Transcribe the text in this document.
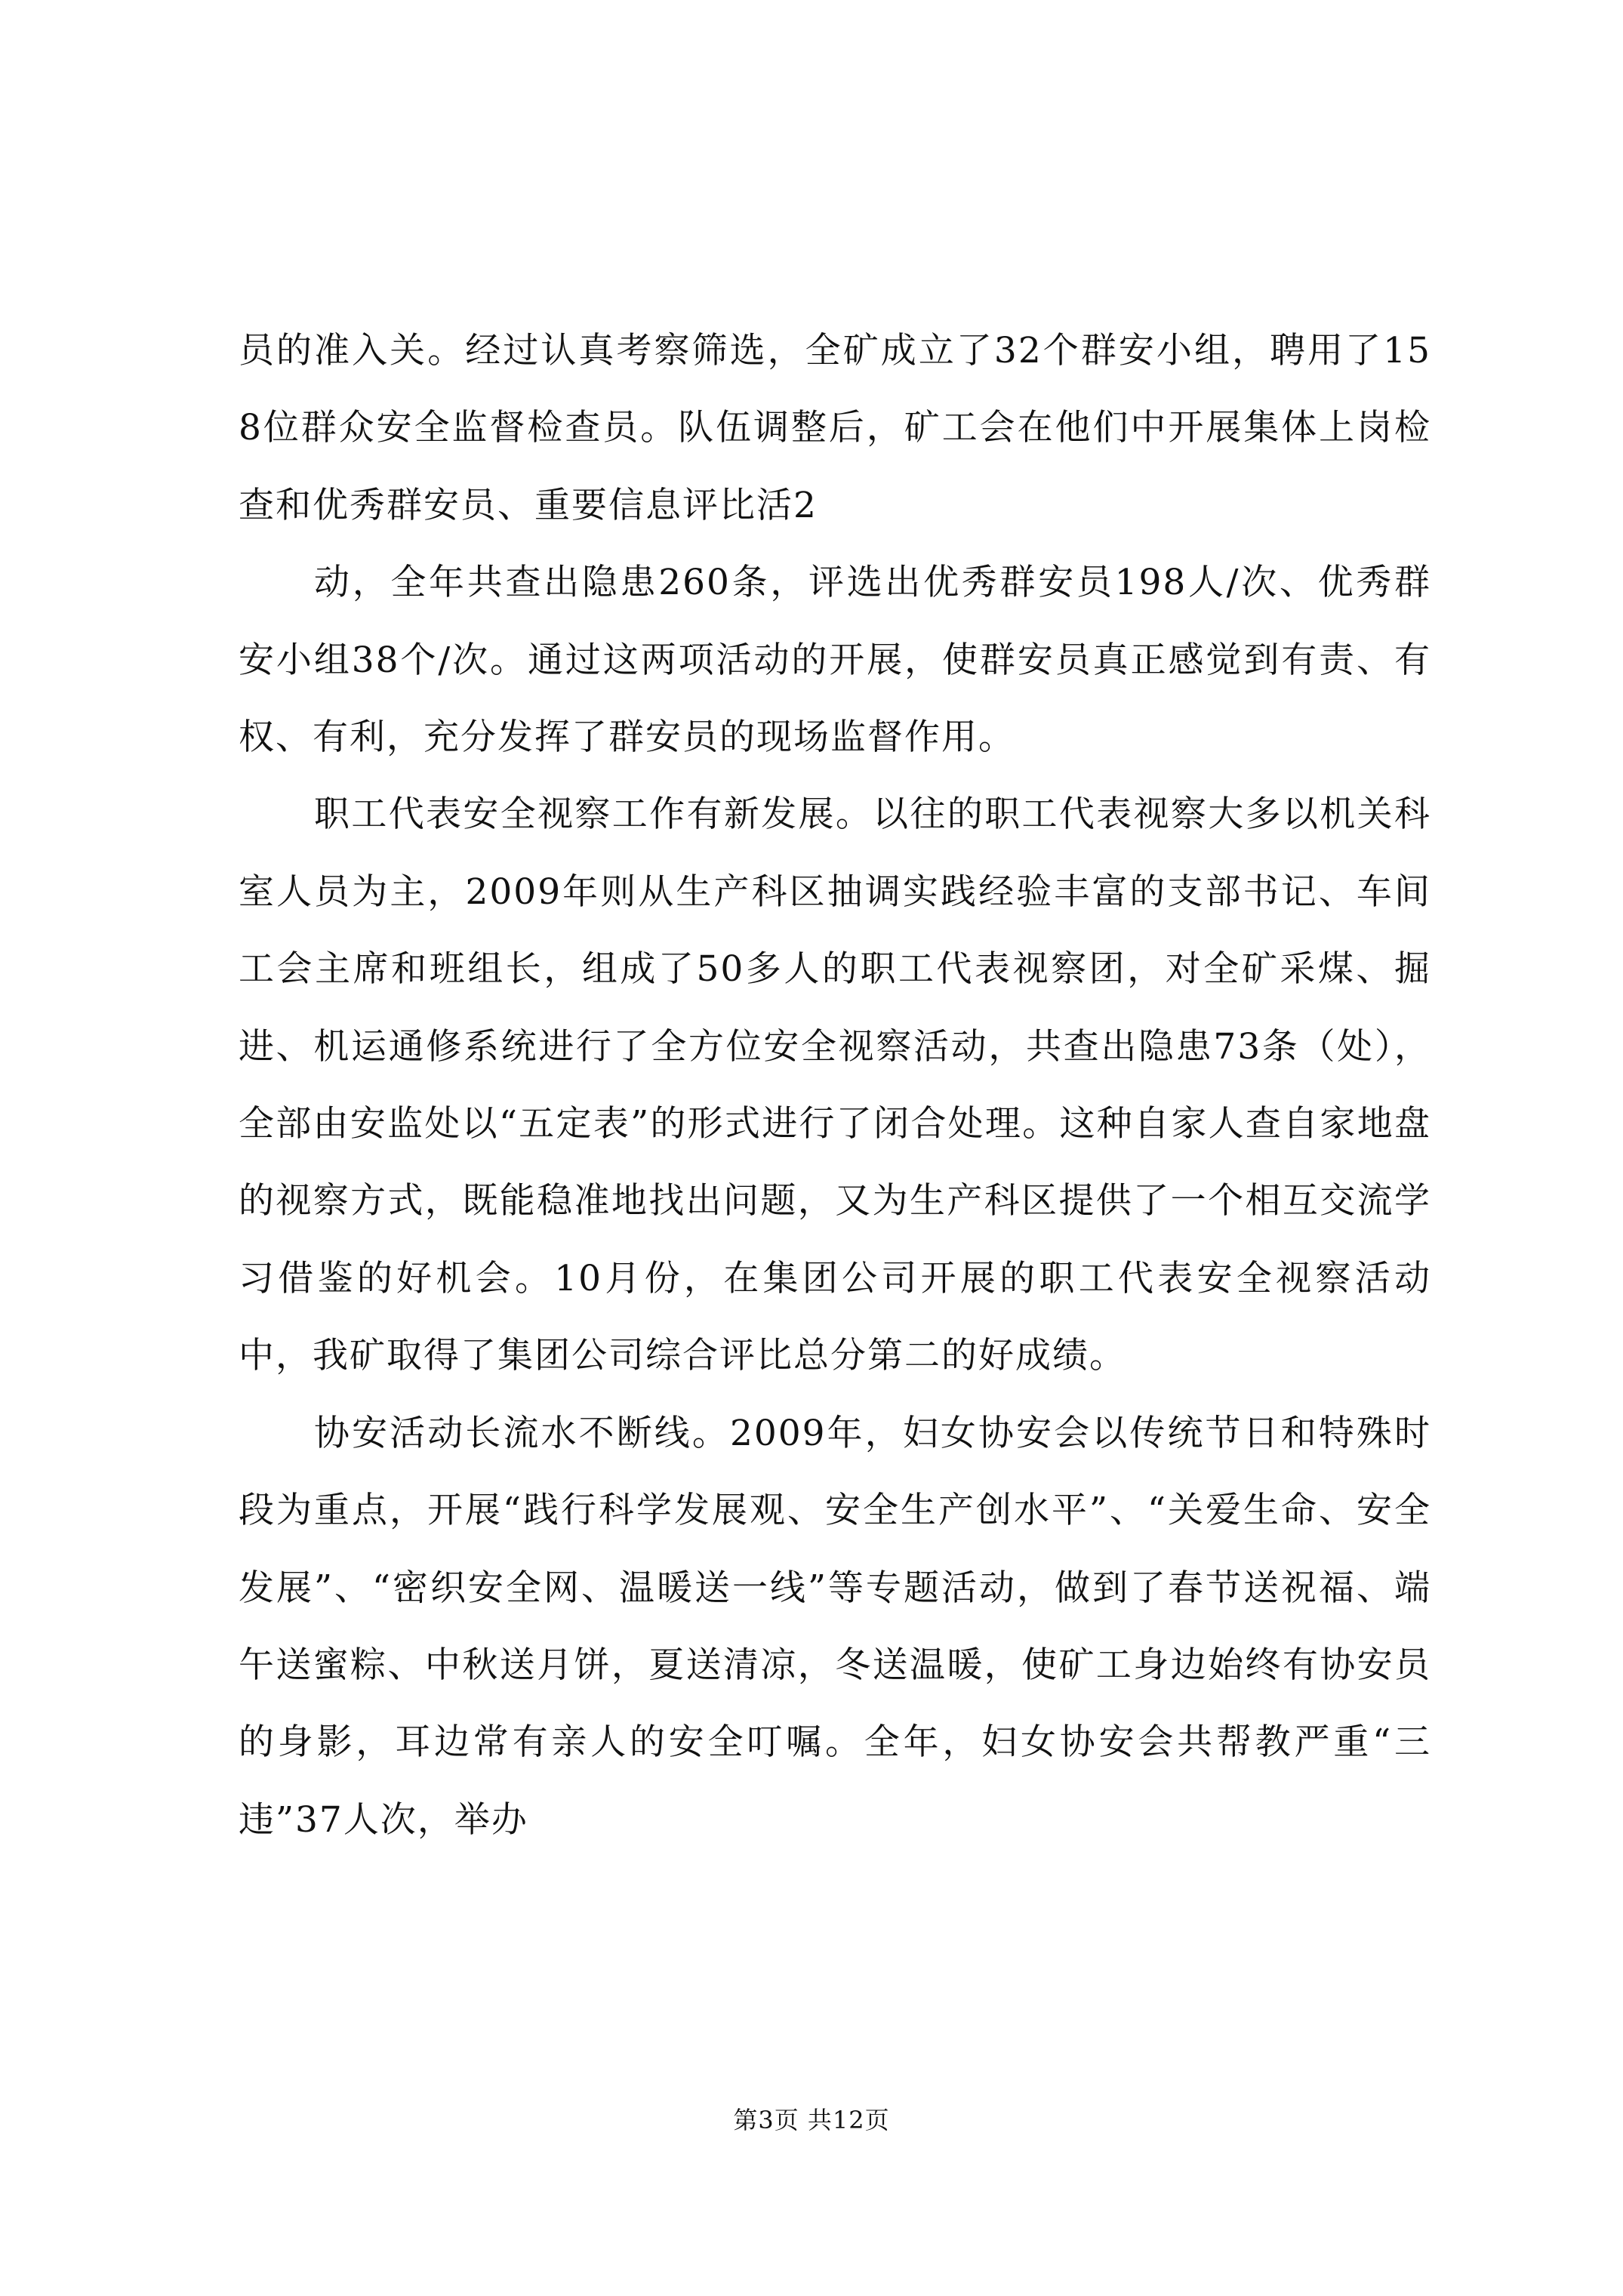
员的准入关。经过认真考察筛选，全矿成立了32个群安小组，聘用了158位群众安全监督检查员。队伍调整后，矿工会在他们中开展集体上岗检查和优秀群安员、重要信息评比活2

动，全年共查出隐患260条，评选出优秀群安员198人/次、优秀群安小组38个/次。通过这两项活动的开展，使群安员真正感觉到有责、有权、有利，充分发挥了群安员的现场监督作用。

职工代表安全视察工作有新发展。以往的职工代表视察大多以机关科室人员为主，2009年则从生产科区抽调实践经验丰富的支部书记、车间工会主席和班组长，组成了50多人的职工代表视察团，对全矿采煤、掘进、机运通修系统进行了全方位安全视察活动，共查出隐患73条（处），全部由安监处以“五定表”的形式进行了闭合处理。这种自家人查自家地盘的视察方式，既能稳准地找出问题，又为生产科区提供了一个相互交流学习借鉴的好机会。10月份，在集团公司开展的职工代表安全视察活动中，我矿取得了集团公司综合评比总分第二的好成绩。

协安活动长流水不断线。2009年，妇女协安会以传统节日和特殊时段为重点，开展“践行科学发展观、安全生产创水平”、“关爱生命、安全发展”、“密织安全网、温暖送一线”等专题活动，做到了春节送祝福、端午送蜜粽、中秋送月饼，夏送清凉，冬送温暖，使矿工身边始终有协安员的身影，耳边常有亲人的安全叮嘱。全年，妇女协安会共帮教严重“三违”37人次，举办

第3页 共12页
